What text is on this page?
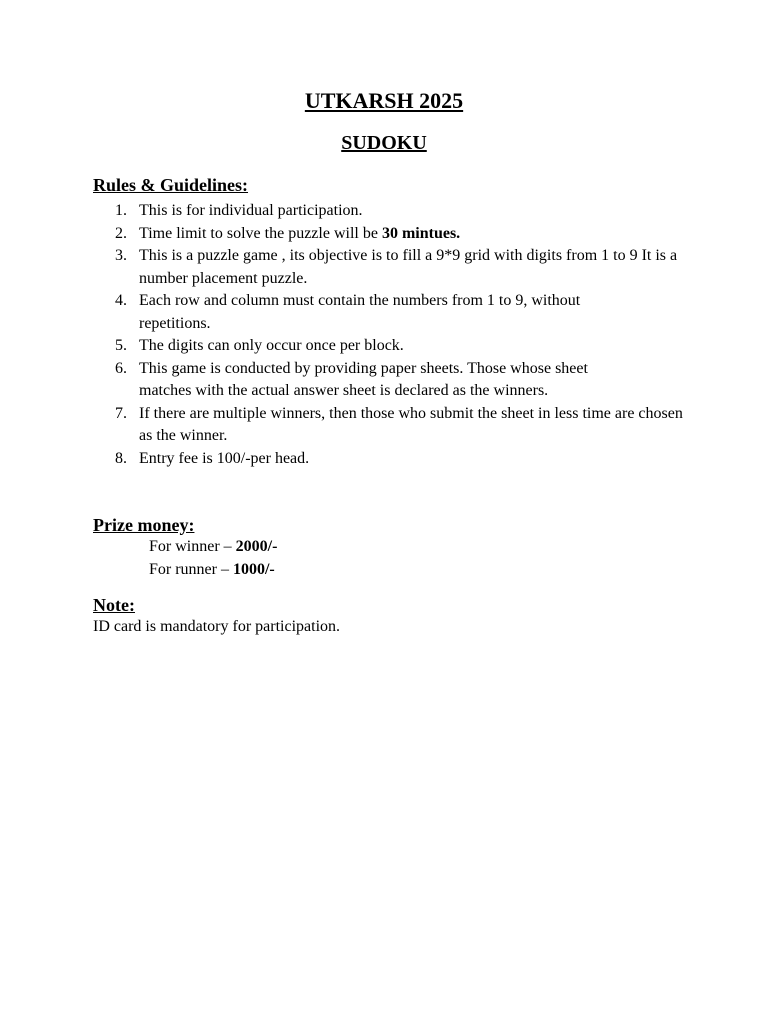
UTKARSH 2025
SUDOKU
Rules & Guidelines:
1. This is for individual participation.
2. Time limit to solve the puzzle will be 30 mintues.
3. This is a puzzle game , its objective is to fill a 9*9 grid with digits from 1 to 9 It is a number placement puzzle.
4. Each row and column must contain the numbers from 1 to 9, without repetitions.
5. The digits can only occur once per block.
6. This game is conducted by providing paper sheets. Those whose sheet matches with the actual answer sheet is declared as the winners.
7. If there are multiple winners, then those who submit the sheet in less time are chosen as the winner.
8. Entry fee is 100/-per head.
Prize money:
For winner – 2000/-
For runner – 1000/-
Note:
ID card is mandatory for participation.
